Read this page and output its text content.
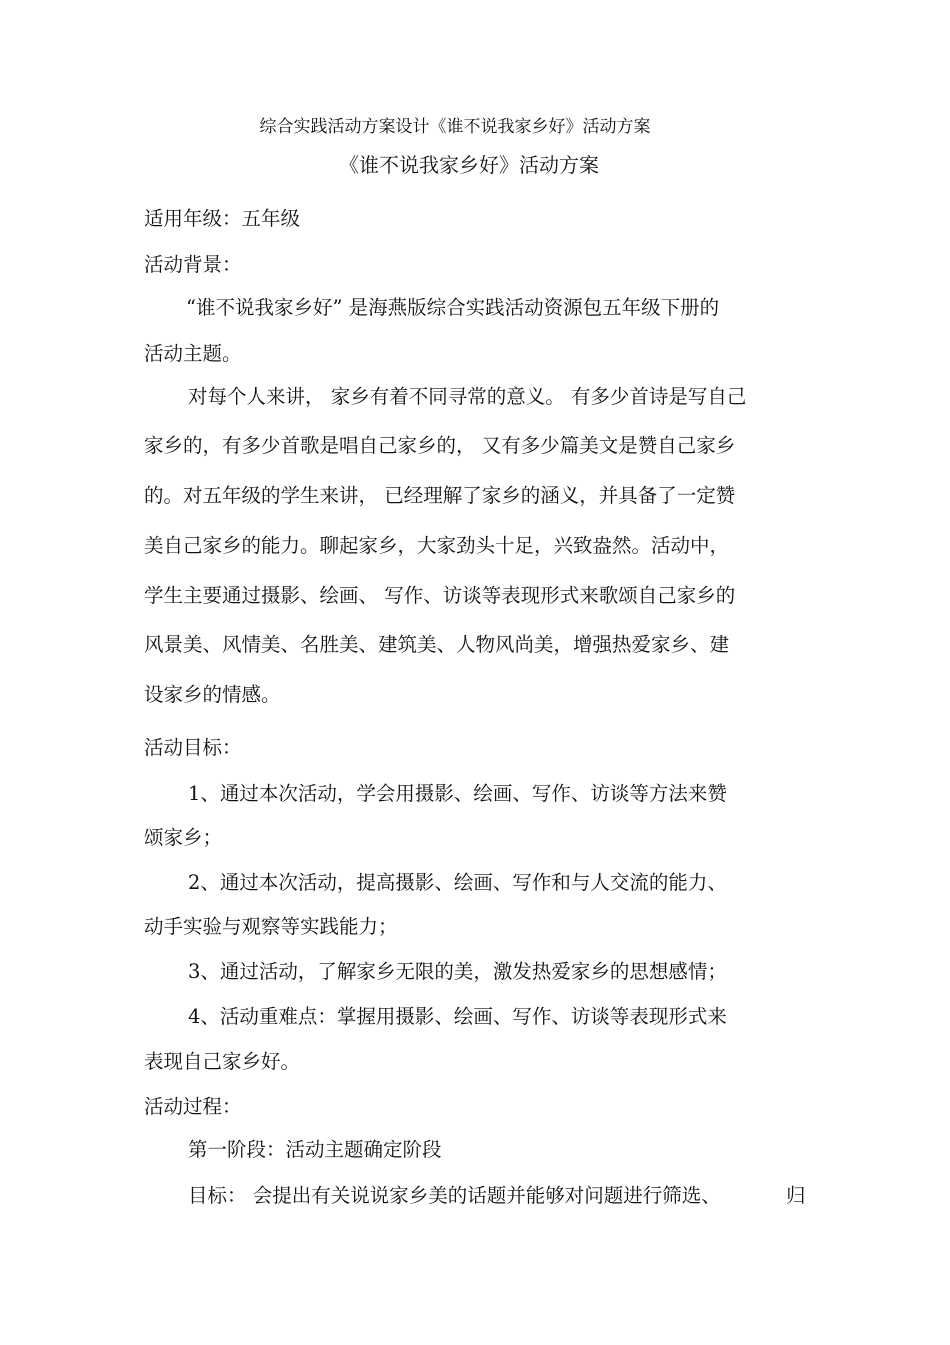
综合实践活动方案设计《谁不说我家乡好》活动方案
《谁不说我家乡好》活动方案
适用年级：五年级
活动背景：
“谁不说我家乡好” 是海燕版综合实践活动资源包五年级下册的
活动主题。
对每个人来讲， 家乡有着不同寻常的意义。 有多少首诗是写自己
家乡的，有多少首歌是唱自己家乡的， 又有多少篇美文是赞自己家乡
的。对五年级的学生来讲， 已经理解了家乡的涵义，并具备了一定赞
美自己家乡的能力。聊起家乡，大家劲头十足，兴致盎然。活动中，
学生主要通过摄影、绘画、 写作、访谈等表现形式来歌颂自己家乡的
风景美、风情美、名胜美、建筑美、人物风尚美，增强热爱家乡、建
设家乡的情感。
活动目标：
1、通过本次活动，学会用摄影、绘画、写作、访谈等方法来赞
颂家乡；
2、通过本次活动，提高摄影、绘画、写作和与人交流的能力、
动手实验与观察等实践能力；
3、通过活动，了解家乡无限的美，激发热爱家乡的思想感情；
4、活动重难点：掌握用摄影、绘画、写作、访谈等表现形式来
表现自己家乡好。
活动过程：
第一阶段：活动主题确定阶段
目标： 会提出有关说说家乡美的话题并能够对问题进行筛选、	归
